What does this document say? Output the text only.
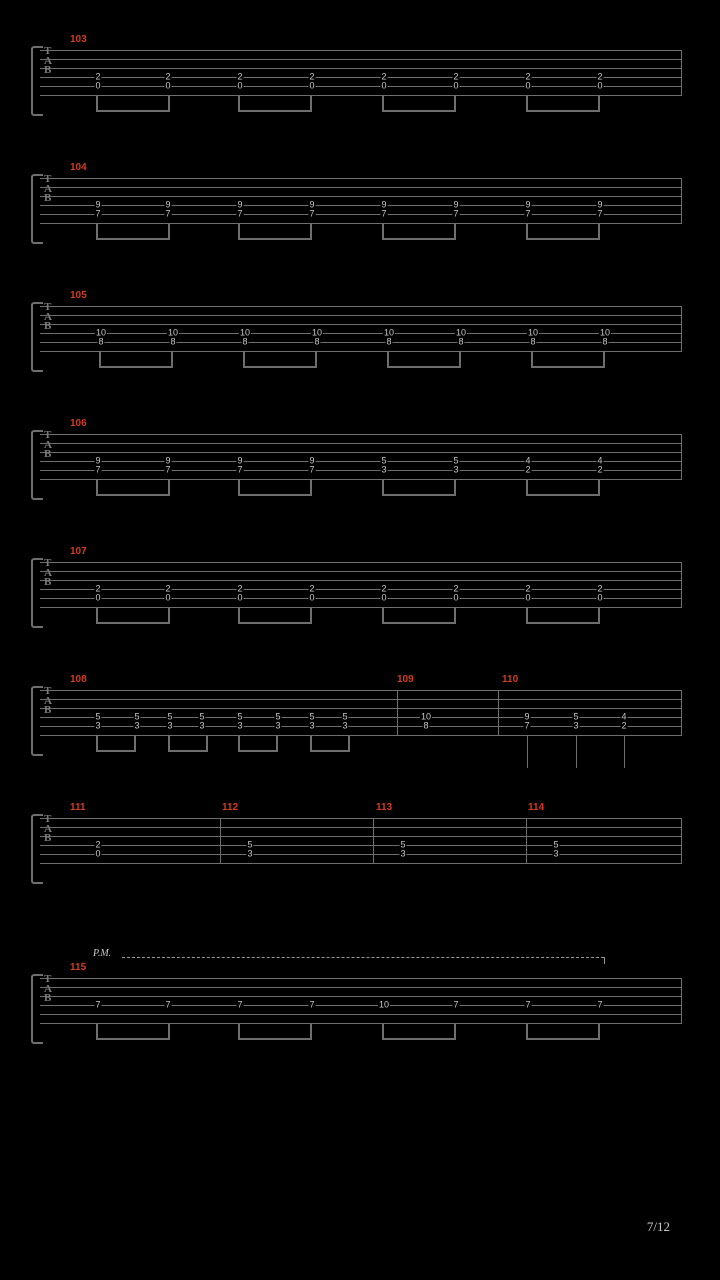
103
T
A
B
2
0
2
0
2
0
2
0
2
0
2
0
2
0
2
0
104
T
A
B
9
7
9
7
9
7
9
7
9
7
9
7
9
7
9
7
105
T
A
B
10
8
10
8
10
8
10
8
10
8
10
8
10
8
10
8
106
T
A
B
9
7
9
7
9
7
9
7
5
3
5
3
4
2
4
2
107
T
A
B
2
0
2
0
2
0
2
0
2
0
2
0
2
0
2
0
108	109	110
T
A
B
5
3
5
3
5
3
5
3
5
3
5
3
5
3
5
3
10
8
9
7
5
3
4
2
111	112	113	114
T
A
B
2
0
5
3
5
3
5
3
115
P.M.
T
A
B
7	7	7	7	10	7	7	7
7/12
